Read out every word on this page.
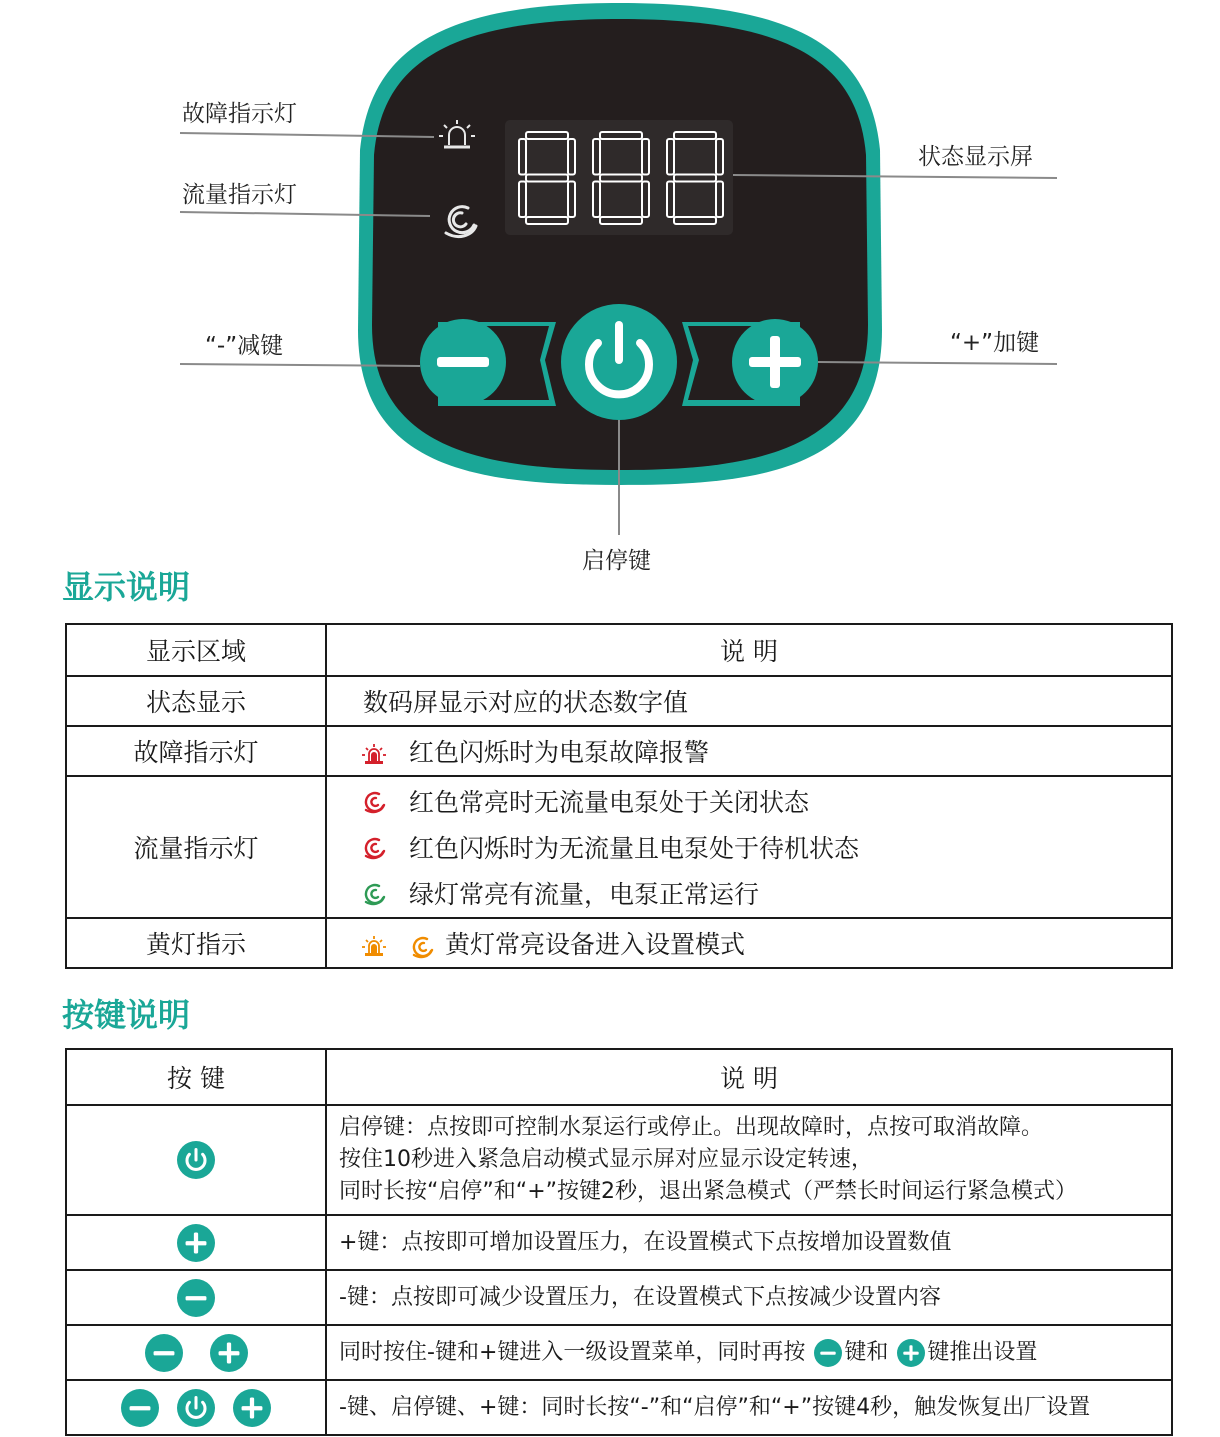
故障指示灯
流量指示灯
状态显示屏
“-”减键	“+”加键
启停键
显示说明
显示区域	说 明
状态显示	数码屏显示对应的状态数字值
故障指示灯	红色闪烁时为电泵故障报警
流量指示灯	红色常亮时无流量电泵处于关闭状态
红色闪烁时为无流量且电泵处于待机状态
绿灯常亮有流量，电泵正常运行

黄灯指示	黄灯常亮设备进入设置模式
按键说明
按 键	说 明

启停键：点按即可控制水泵运行或停止。出现故障时，点按可取消故障。
按住10秒进入紧急启动模式显示屏对应显示设定转速，
同时长按“启停”和“+”按键2秒，退出紧急模式（严禁长时间运行紧急模式）

	+键：点按即可增加设置压力，在设置模式下点按增加设置数值
	-键：点按即可减少设置压力，在设置模式下点按减少设置内容
	同时按住-键和+键进入一级设置菜单，同时再按 键和 键推出设置
	-键、启停键、+键：同时长按“-”和“启停”和“+”按键4秒，触发恢复出厂设置
